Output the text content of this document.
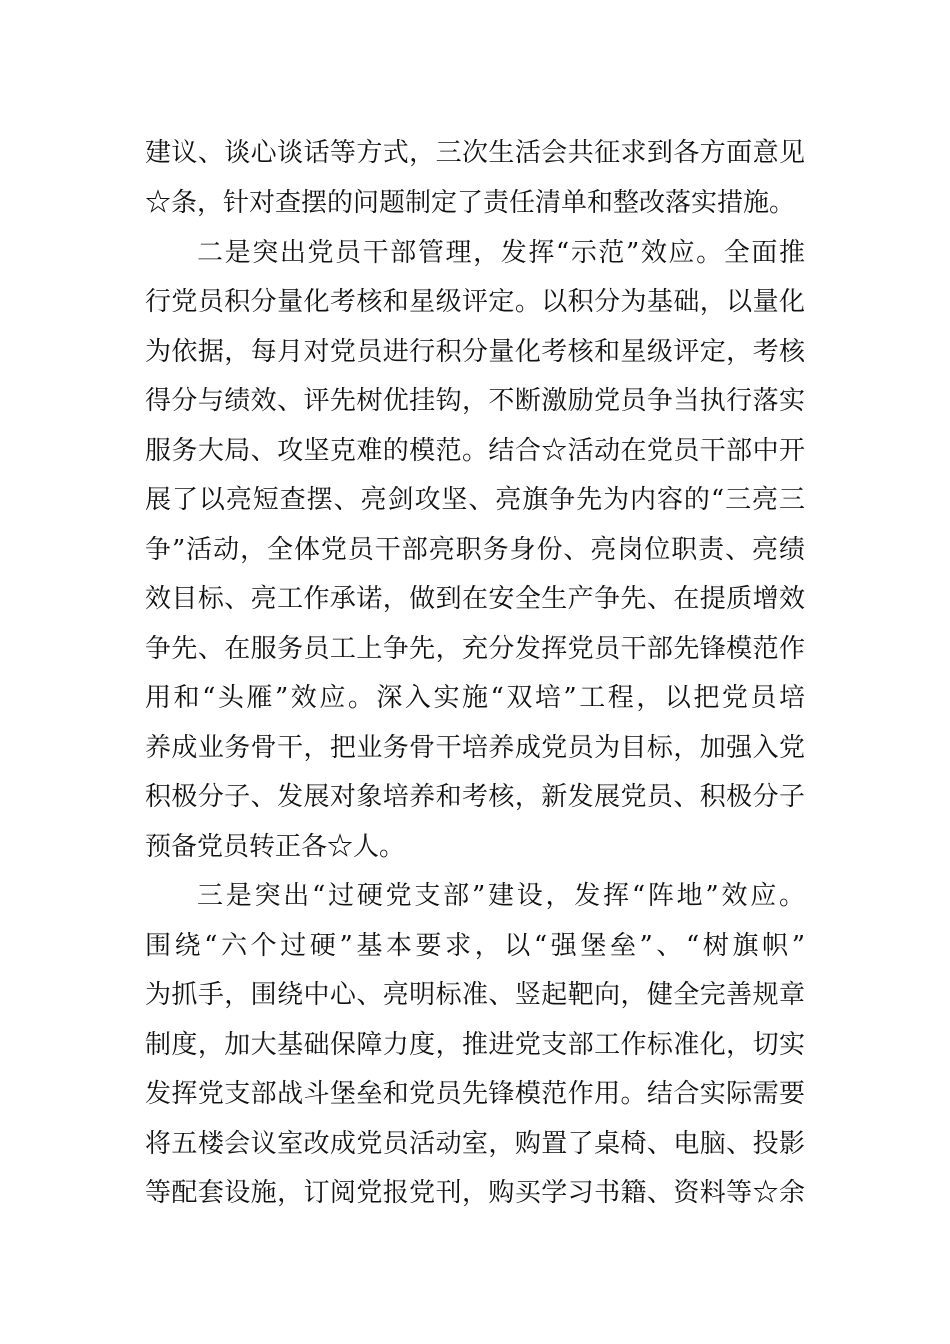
建议、谈心谈话等方式，三次生活会共征求到各方面意见
☆条，针对查摆的问题制定了责任清单和整改落实措施。
二是突出党员干部管理，发挥“示范”效应。全面推
行党员积分量化考核和星级评定。以积分为基础，以量化
为依据，每月对党员进行积分量化考核和星级评定，考核
得分与绩效、评先树优挂钩，不断激励党员争当执行落实
服务大局、攻坚克难的模范。结合☆活动在党员干部中开
展了以亮短查摆、亮剑攻坚、亮旗争先为内容的“三亮三
争”活动，全体党员干部亮职务身份、亮岗位职责、亮绩
效目标、亮工作承诺，做到在安全生产争先、在提质增效
争先、在服务员工上争先，充分发挥党员干部先锋模范作
用和“头雁”效应。深入实施“双培”工程，以把党员培
养成业务骨干，把业务骨干培养成党员为目标，加强入党
积极分子、发展对象培养和考核，新发展党员、积极分子
预备党员转正各☆人。
三是突出“过硬党支部”建设，发挥“阵地”效应。
围绕“六个过硬”基本要求，以“强堡垒”、“树旗帜”
为抓手，围绕中心、亮明标准、竖起靶向，健全完善规章
制度，加大基础保障力度，推进党支部工作标准化，切实
发挥党支部战斗堡垒和党员先锋模范作用。结合实际需要
将五楼会议室改成党员活动室，购置了桌椅、电脑、投影
等配套设施，订阅党报党刊，购买学习书籍、资料等☆余
